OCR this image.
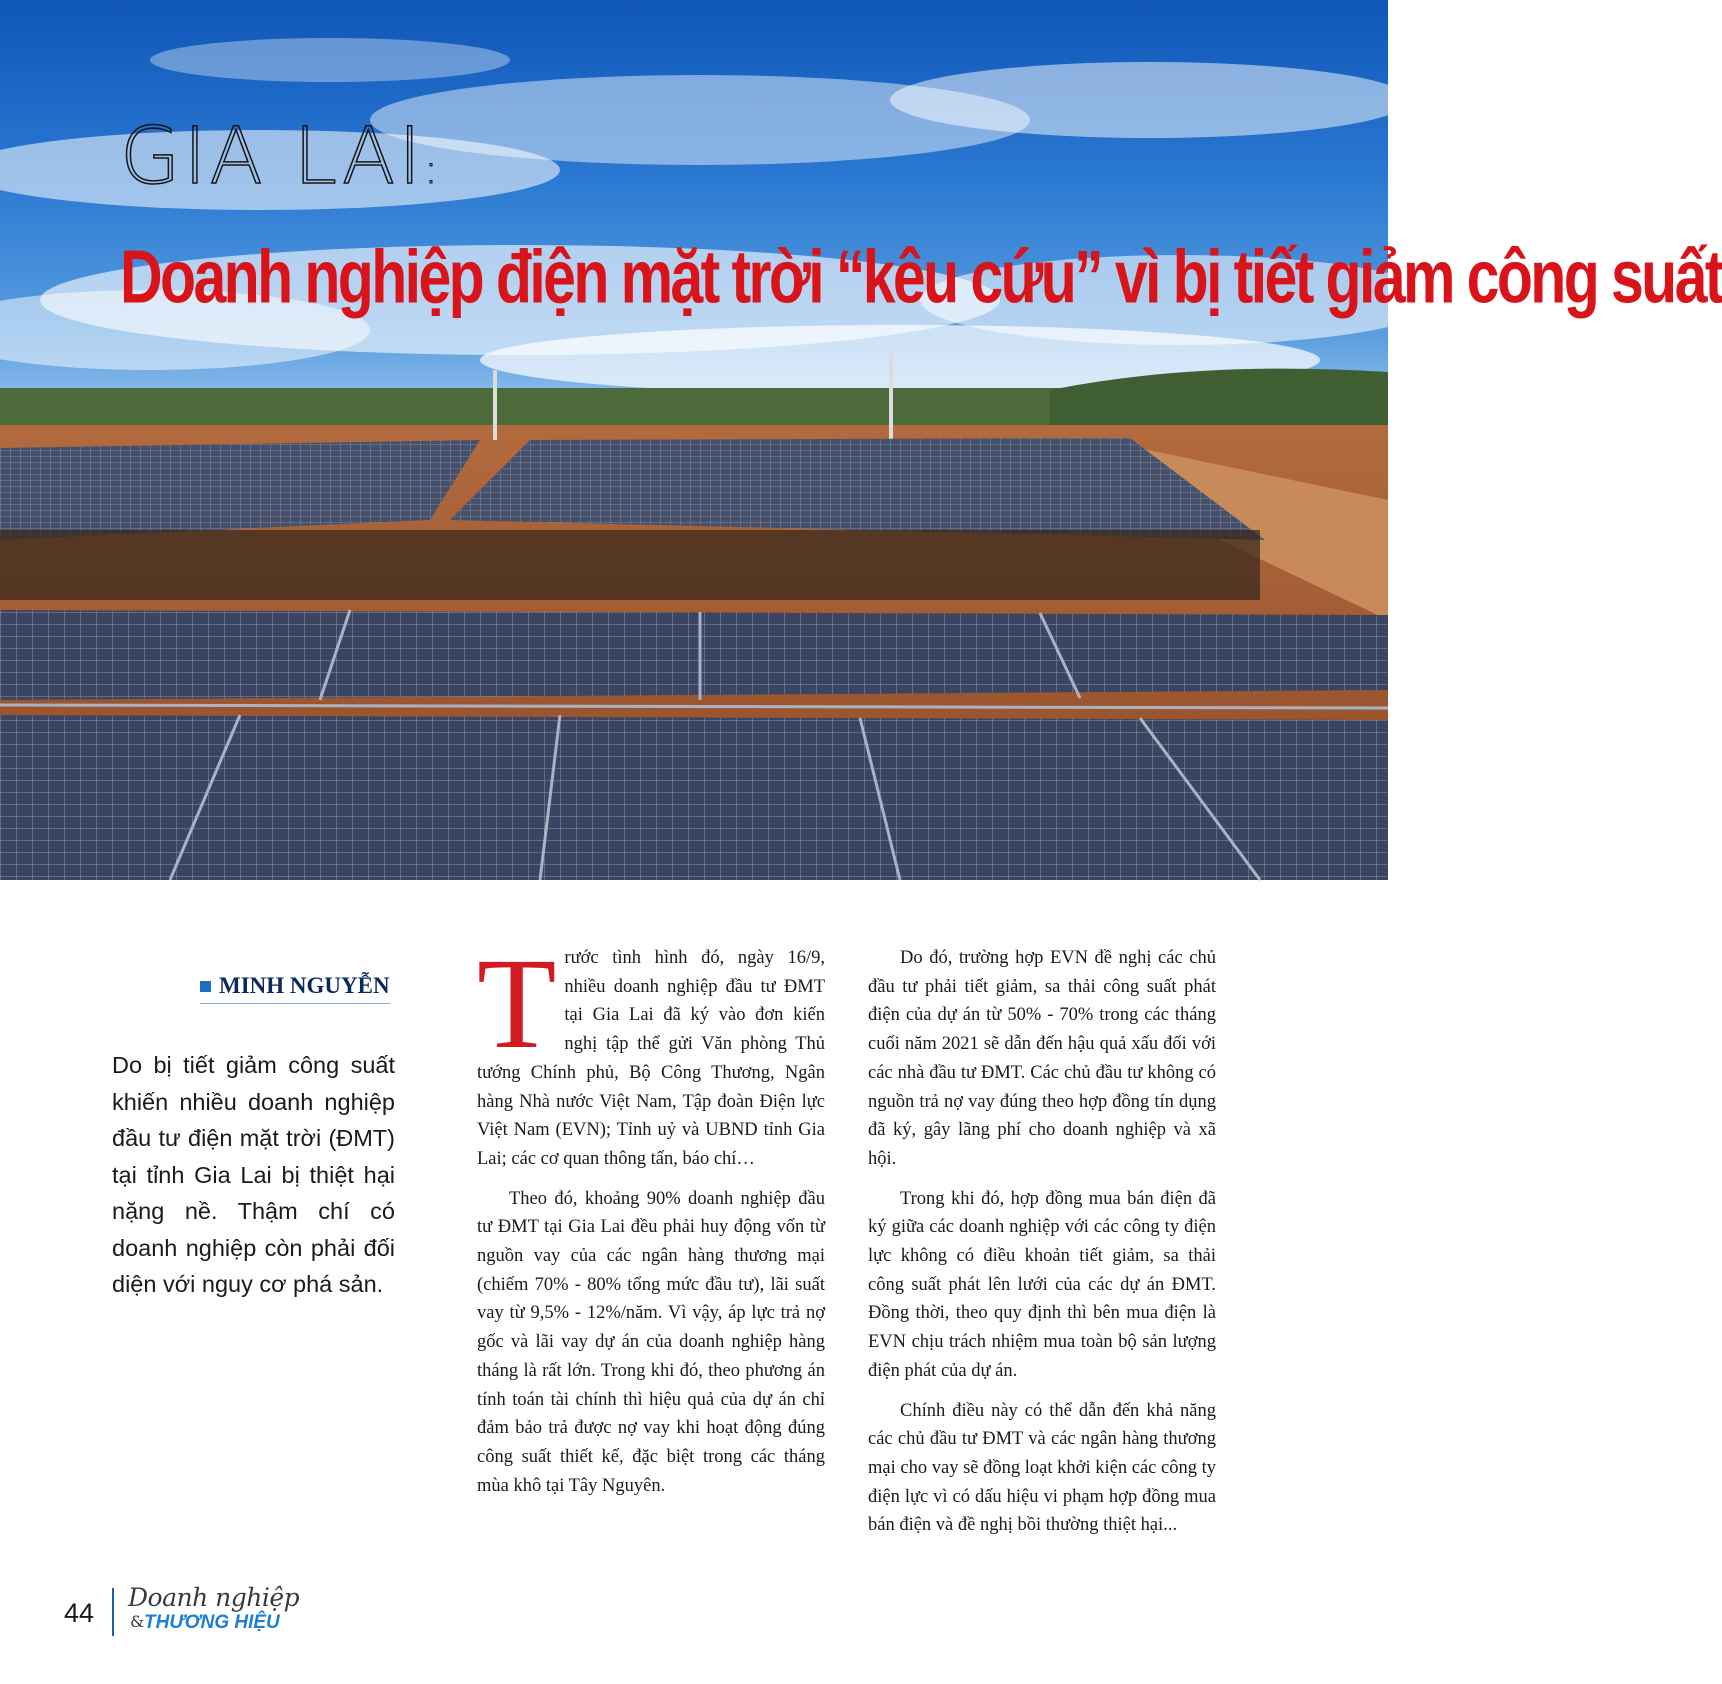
GIA LAI:
Doanh nghiệp điện mặt trời “kêu cứu” vì bị tiết giảm công suất
MINH NGUYỄN

Do bị tiết giảm công suất khiến nhiều doanh nghiệp đầu tư điện mặt trời (ĐMT) tại tỉnh Gia Lai bị thiệt hại nặng nề. Thậm chí có doanh nghiệp còn phải đối diện với nguy cơ phá sản.

Trước tình hình đó, ngày 16/9, nhiều doanh nghiệp đầu tư ĐMT tại Gia Lai đã ký vào đơn kiến nghị tập thể gửi Văn phòng Thủ tướng Chính phủ, Bộ Công Thương, Ngân hàng Nhà nước Việt Nam, Tập đoàn Điện lực Việt Nam (EVN); Tỉnh uỷ và UBND tỉnh Gia Lai; các cơ quan thông tấn, báo chí…

Theo đó, khoảng 90% doanh nghiệp đầu tư ĐMT tại Gia Lai đều phải huy động vốn từ nguồn vay của các ngân hàng thương mại (chiếm 70% - 80% tổng mức đầu tư), lãi suất vay từ 9,5% - 12%/năm. Vì vậy, áp lực trả nợ gốc và lãi vay dự án của doanh nghiệp hàng tháng là rất lớn. Trong khi đó, theo phương án tính toán tài chính thì hiệu quả của dự án chỉ đảm bảo trả được nợ vay khi hoạt động đúng công suất thiết kế, đặc biệt trong các tháng mùa khô tại Tây Nguyên.

Do đó, trường hợp EVN đề nghị các chủ đầu tư phải tiết giảm, sa thải công suất phát điện của dự án từ 50% - 70% trong các tháng cuối năm 2021 sẽ dẫn đến hậu quả xấu đối với các nhà đầu tư ĐMT. Các chủ đầu tư không có nguồn trả nợ vay đúng theo hợp đồng tín dụng đã ký, gây lãng phí cho doanh nghiệp và xã hội.

Trong khi đó, hợp đồng mua bán điện đã ký giữa các doanh nghiệp với các công ty điện lực không có điều khoản tiết giảm, sa thải công suất phát lên lưới của các dự án ĐMT. Đồng thời, theo quy định thì bên mua điện là EVN chịu trách nhiệm mua toàn bộ sản lượng điện phát của dự án.

Chính điều này có thể dẫn đến khả năng các chủ đầu tư ĐMT và các ngân hàng thương mại cho vay sẽ đồng loạt khởi kiện các công ty điện lực vì có dấu hiệu vi phạm hợp đồng mua bán điện và đề nghị bồi thường thiệt hại...

44

Doanh nghiệp

& THƯƠNG HIỆU
